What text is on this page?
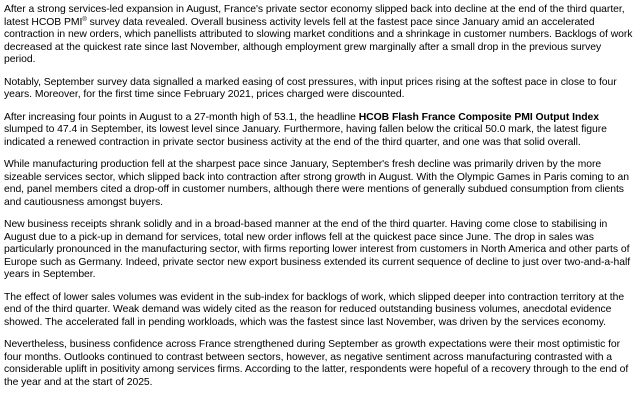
After a strong services-led expansion in August, France's private sector economy slipped back into decline at the end of the third quarter, latest HCOB PMI® survey data revealed. Overall business activity levels fell at the fastest pace since January amid an accelerated contraction in new orders, which panellists attributed to slowing market conditions and a shrinkage in customer numbers. Backlogs of work decreased at the quickest rate since last November, although employment grew marginally after a small drop in the previous survey period.

Notably, September survey data signalled a marked easing of cost pressures, with input prices rising at the softest pace in close to four years. Moreover, for the first time since February 2021, prices charged were discounted.

After increasing four points in August to a 27-month high of 53.1, the headline HCOB Flash France Composite PMI Output Index slumped to 47.4 in September, its lowest level since January. Furthermore, having fallen below the critical 50.0 mark, the latest figure indicated a renewed contraction in private sector business activity at the end of the third quarter, and one was that solid overall.

While manufacturing production fell at the sharpest pace since January, September's fresh decline was primarily driven by the more sizeable services sector, which slipped back into contraction after strong growth in August. With the Olympic Games in Paris coming to an end, panel members cited a drop-off in customer numbers, although there were mentions of generally subdued consumption from clients and cautiousness amongst buyers.

New business receipts shrank solidly and in a broad-based manner at the end of the third quarter. Having come close to stabilising in August due to a pick-up in demand for services, total new order inflows fell at the quickest pace since June. The drop in sales was particularly pronounced in the manufacturing sector, with firms reporting lower interest from customers in North America and other parts of Europe such as Germany. Indeed, private sector new export business extended its current sequence of decline to just over two-and-a-half years in September.

The effect of lower sales volumes was evident in the sub-index for backlogs of work, which slipped deeper into contraction territory at the end of the third quarter. Weak demand was widely cited as the reason for reduced outstanding business volumes, anecdotal evidence showed. The accelerated fall in pending workloads, which was the fastest since last November, was driven by the services economy.

Nevertheless, business confidence across France strengthened during September as growth expectations were their most optimistic for four months. Outlooks continued to contrast between sectors, however, as negative sentiment across manufacturing contrasted with a considerable uplift in positivity among services firms. According to the latter, respondents were hopeful of a recovery through to the end of the year and at the start of 2025.
